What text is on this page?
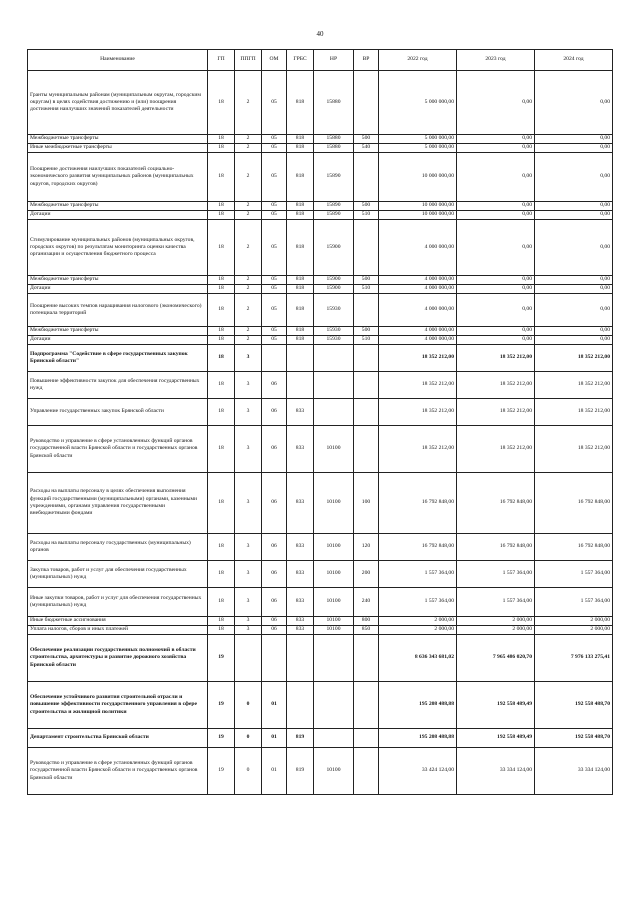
40
Наименование	ГП	ППГП	ОМ	ГРБС	НР	ВР	2022 год	2023 год	2024 год
Гранты муниципальным районам (муниципальным округам, городским округам) в целях содействия достижению и (или) поощрения достижения наилучших значений показателей деятельности	18	2	05	818	15880		5 000 000,00	0,00	0,00
Межбюджетные трансферты	18	2	05	818	15880	500	5 000 000,00	0,00	0,00
Иные межбюджетные трансферты	18	2	05	818	15880	540	5 000 000,00	0,00	0,00
Поощрение достижения наилучших показателей социально-экономического развития муниципальных районов (муниципальных округов, городских округов)	18	2	05	818	15890		10 000 000,00	0,00	0,00
Межбюджетные трансферты	18	2	05	818	15890	500	10 000 000,00	0,00	0,00
Дотации	18	2	05	818	15890	510	10 000 000,00	0,00	0,00
Стимулирование муниципальных районов (муниципальных округов, городских округов) по результатам мониторинга оценки качества организации и осуществления бюджетного процесса	18	2	05	818	15900		4 000 000,00	0,00	0,00
Межбюджетные трансферты	18	2	05	818	15900	500	4 000 000,00	0,00	0,00
Дотации	18	2	05	818	15900	510	4 000 000,00	0,00	0,00
Поощрение высоких темпов наращивания налогового (экономического) потенциала территорий	18	2	05	818	15930		4 000 000,00	0,00	0,00
Межбюджетные трансферты	18	2	05	818	15930	500	4 000 000,00	0,00	0,00
Дотации	18	2	05	818	15930	510	4 000 000,00	0,00	0,00
Подпрограмма "Содействие в сфере государственных закупок Брянской области"	18	3					18 352 212,00	18 352 212,00	18 352 212,00
Повышение эффективности закупок для обеспечения государственных нужд	18	3	06				18 352 212,00	18 352 212,00	18 352 212,00
Управление государственных закупок Брянской области	18	3	06	833			18 352 212,00	18 352 212,00	18 352 212,00
Руководство и управление в сфере установленных функций органов государственной власти Брянской области и государственных органов Брянской области	18	3	06	833	10100		18 352 212,00	18 352 212,00	18 352 212,00
Расходы на выплаты персоналу в целях обеспечения выполнения функций государственными (муниципальными) органами, казенными учреждениями, органами управления государственными внебюджетными фондами	18	3	06	833	10100	100	16 792 848,00	16 792 848,00	16 792 848,00
Расходы на выплаты персоналу государственных (муниципальных) органов	18	3	06	833	10100	120	16 792 848,00	16 792 848,00	16 792 848,00
Закупка товаров, работ и услуг для обеспечения государственных (муниципальных) нужд	18	3	06	833	10100	200	1 557 364,00	1 557 364,00	1 557 364,00
Иные закупки товаров, работ и услуг для обеспечения государственных (муниципальных) нужд	18	3	06	833	10100	240	1 557 364,00	1 557 364,00	1 557 364,00
Иные бюджетные ассигнования	18	3	06	833	10100	800	2 000,00	2 000,00	2 000,00
Уплата налогов, сборов и иных платежей	18	3	06	833	10100	850	2 000,00	2 000,00	2 000,00
Обеспечение реализации государственных полномочий в области строительства, архитектуры и развитие дорожного хозяйства Брянской области	19						8 636 343 681,02	7 965 486 020,70	7 976 133 275,41
Обеспечение устойчивого развития строительной отрасли и повышение эффективности государственного управления в сфере строительства и жилищной политики	19	0	01				195 208 488,88	192 558 489,49	192 558 488,70
Департамент строительства Брянской области	19	0	01	819			195 208 488,88	192 558 489,49	192 558 488,70
Руководство и управление в сфере установленных функций органов государственной власти Брянской области и государственных органов Брянской области	19	0	01	819	10100		33 424 124,00	33 334 124,00	33 334 124,00
